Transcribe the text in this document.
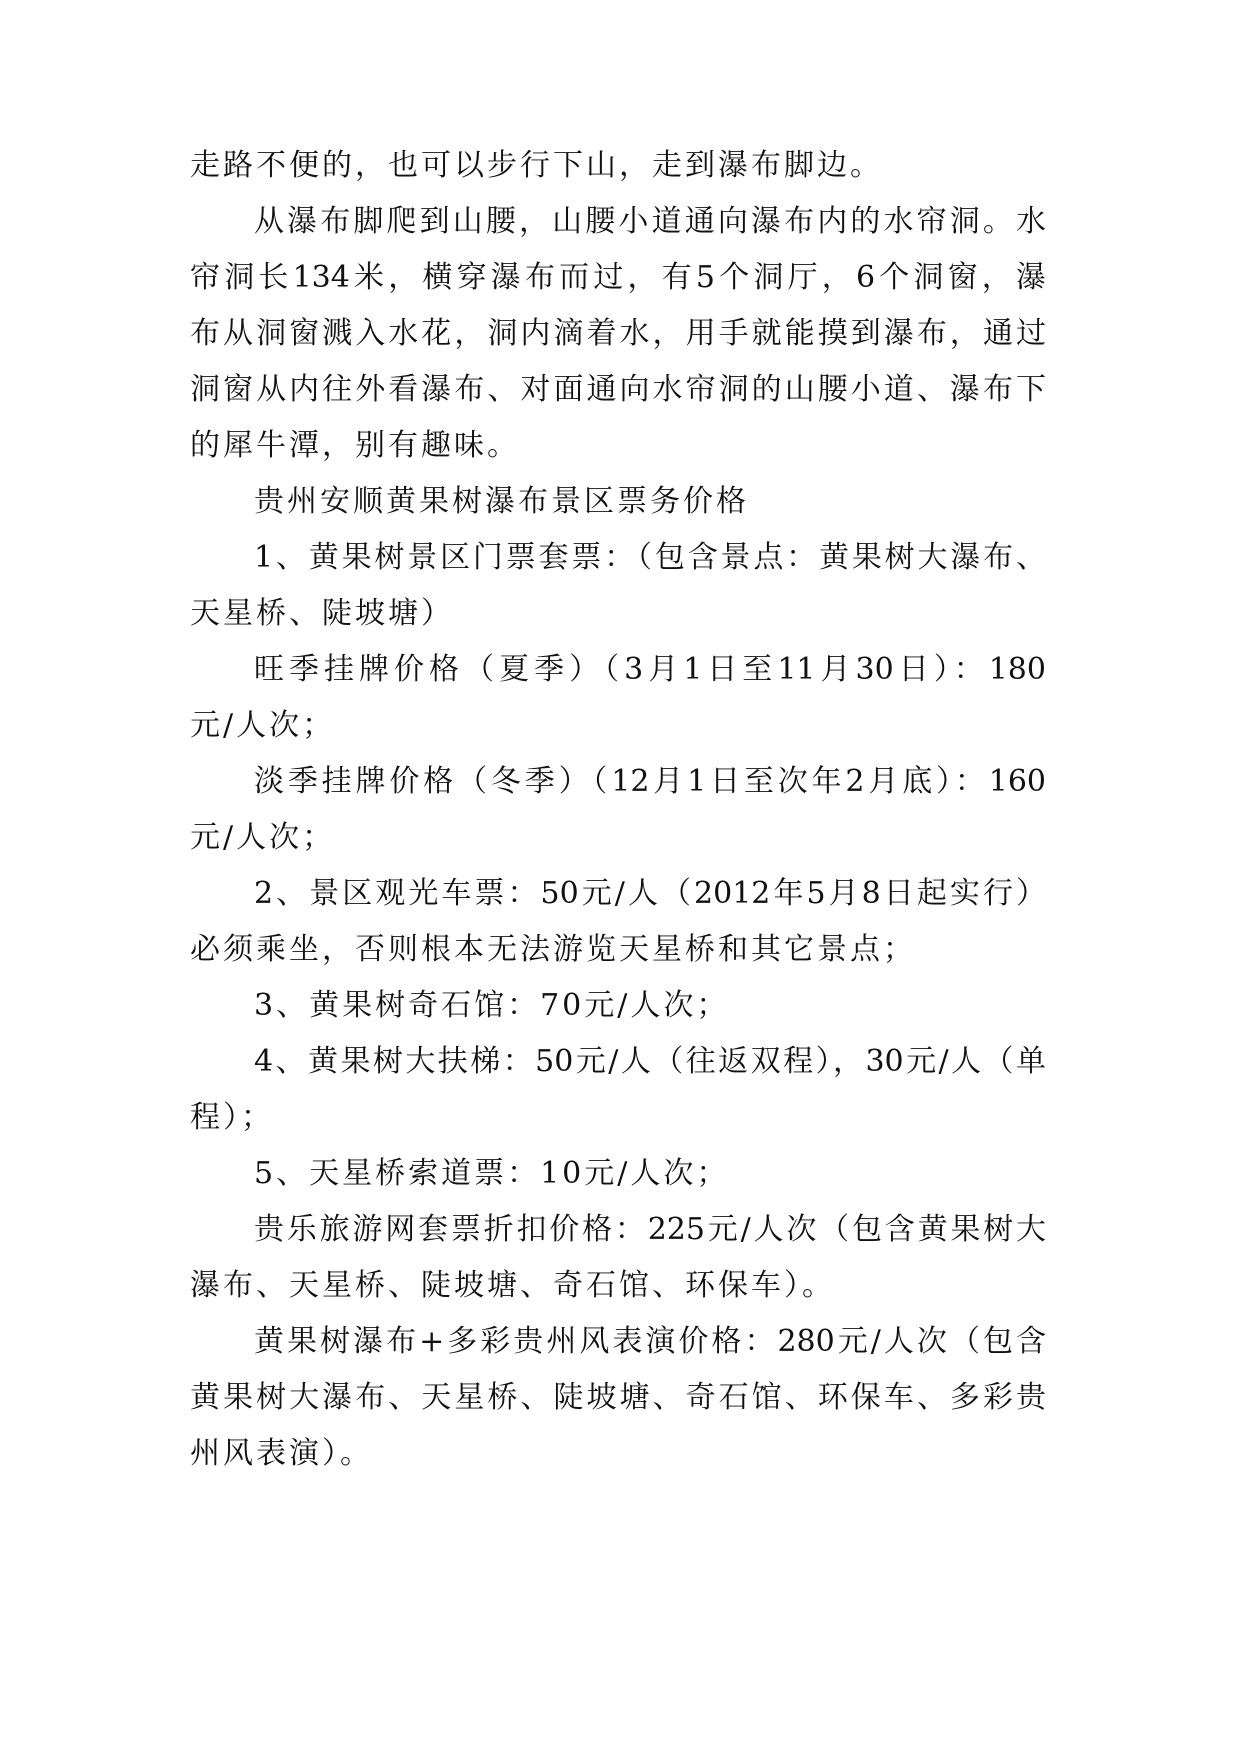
走路不便的，也可以步行下山，走到瀑布脚边。
从瀑布脚爬到山腰，山腰小道通向瀑布内的水帘洞。水
帘洞长134米，横穿瀑布而过，有5个洞厅，6个洞窗，瀑
布从洞窗溅入水花，洞内滴着水，用手就能摸到瀑布，通过
洞窗从内往外看瀑布、对面通向水帘洞的山腰小道、瀑布下
的犀牛潭，别有趣味。
贵州安顺黄果树瀑布景区票务价格
1、黄果树景区门票套票：（包含景点：黄果树大瀑布、
天星桥、陡坡塘）
旺季挂牌价格（夏季）（3月1日至11月30日）：180
元/人次；
淡季挂牌价格（冬季）（12月1日至次年2月底）：160
元/人次；
2、景区观光车票：50元/人（2012年5月8日起实行）
必须乘坐，否则根本无法游览天星桥和其它景点；
3、黄果树奇石馆：70元/人次；
4、黄果树大扶梯：50元/人（往返双程），30元/人（单
程）；
5、天星桥索道票：10元/人次；
贵乐旅游网套票折扣价格：225元/人次（包含黄果树大
瀑布、天星桥、陡坡塘、奇石馆、环保车）。
黄果树瀑布+多彩贵州风表演价格：280元/人次（包含
黄果树大瀑布、天星桥、陡坡塘、奇石馆、环保车、多彩贵
州风表演）。
